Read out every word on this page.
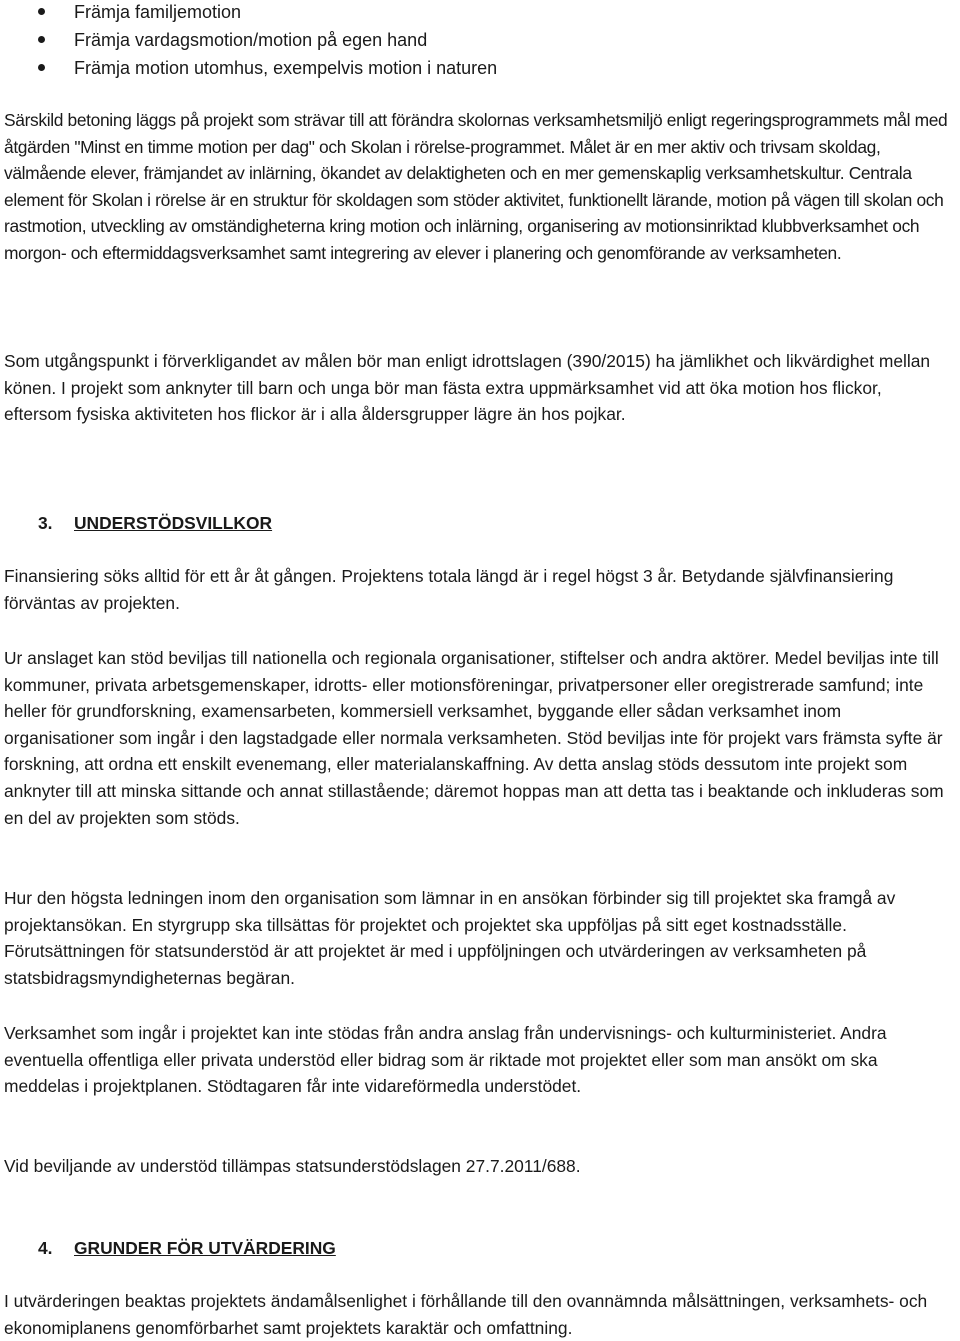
Främja familjemotion
Främja vardagsmotion/motion på egen hand
Främja motion utomhus, exempelvis motion i naturen

Särskild betoning läggs på projekt som strävar till att förändra skolornas verksamhetsmiljö enligt regeringsprogrammets mål med åtgärden "Minst en timme motion per dag" och Skolan i rörelse-programmet. Målet är en mer aktiv och trivsam skoldag, välmående elever, främjandet av inlärning, ökandet av delaktigheten och en mer gemenskaplig verksamhetskultur. Centrala element för Skolan i rörelse är en struktur för skoldagen som stöder aktivitet, funktionellt lärande, motion på vägen till skolan och rastmotion, utveckling av omständigheterna kring motion och inlärning, organisering av motionsinriktad klubbverksamhet och morgon- och eftermiddagsverksamhet samt integrering av elever i planering och genomförande av verksamheten.

Som utgångspunkt i förverkligandet av målen bör man enligt idrottslagen (390/2015) ha jämlikhet och likvärdighet mellan könen. I projekt som anknyter till barn och unga bör man fästa extra uppmärksamhet vid att öka motion hos flickor, eftersom fysiska aktiviteten hos flickor är i alla åldersgrupper lägre än hos pojkar.

3. UNDERSTÖDSVILLKOR

Finansiering söks alltid för ett år åt gången. Projektens totala längd är i regel högst 3 år. Betydande självfinansiering förväntas av projekten.

Ur anslaget kan stöd beviljas till nationella och regionala organisationer, stiftelser och andra aktörer. Medel beviljas inte till kommuner, privata arbetsgemenskaper, idrotts- eller motionsföreningar, privatpersoner eller oregistrerade samfund; inte heller för grundforskning, examensarbeten, kommersiell verksamhet, byggande eller sådan verksamhet inom organisationer som ingår i den lagstadgade eller normala verksamheten. Stöd beviljas inte för projekt vars främsta syfte är forskning, att ordna ett enskilt evenemang, eller materialanskaffning. Av detta anslag stöds dessutom inte projekt som anknyter till att minska sittande och annat stillastående; däremot hoppas man att detta tas i beaktande och inkluderas som en del av projekten som stöds.

Hur den högsta ledningen inom den organisation som lämnar in en ansökan förbinder sig till projektet ska framgå av projektansökan. En styrgrupp ska tillsättas för projektet och projektet ska uppföljas på sitt eget kostnadsställe. Förutsättningen för statsunderstöd är att projektet är med i uppföljningen och utvärderingen av verksamheten på statsbidragsmyndigheternas begäran.

Verksamhet som ingår i projektet kan inte stödas från andra anslag från undervisnings- och kulturministeriet. Andra eventuella offentliga eller privata understöd eller bidrag som är riktade mot projektet eller som man ansökt om ska meddelas i projektplanen. Stödtagaren får inte vidareförmedla understödet.

Vid beviljande av understöd tillämpas statsunderstödslagen 27.7.2011/688.

4. GRUNDER FÖR UTVÄRDERING

I utvärderingen beaktas projektets ändamålsenlighet i förhållande till den ovannämnda målsättningen, verksamhets- och ekonomiplanens genomförbarhet samt projektets karaktär och omfattning.
